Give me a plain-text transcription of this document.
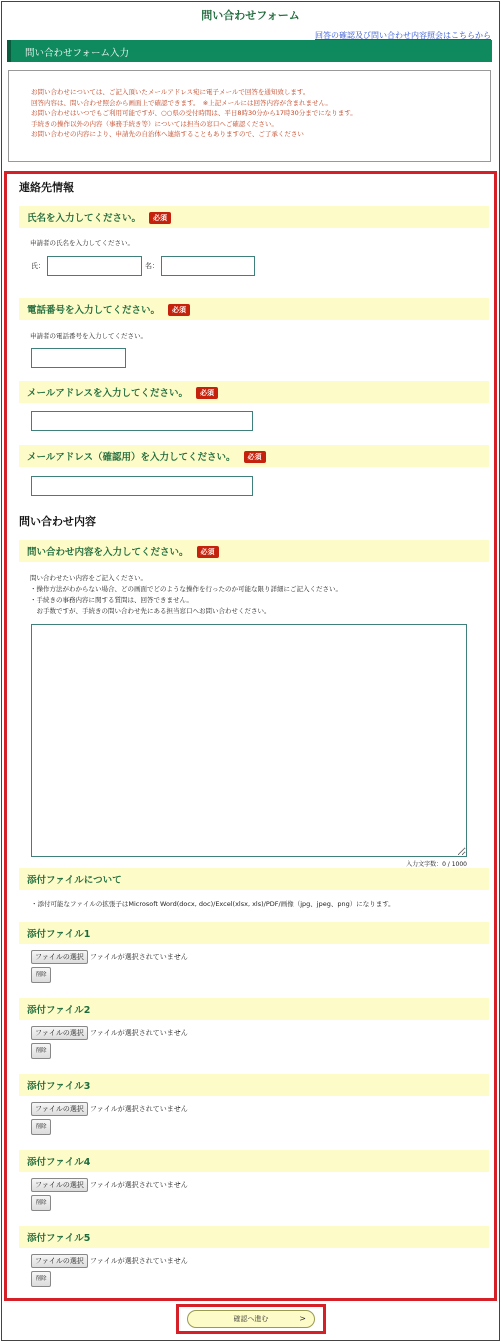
問い合わせフォーム
回答の確認及び問い合わせ内容照会はこちらから
問い合わせフォーム入力

お問い合わせについては、ご記入頂いたメールアドレス宛に電子メールで回答を通知致します。

回答内容は、問い合わせ照会から画面上で確認できます。　※上記メールには回答内容が含まれません。

お問い合わせはいつでもご利用可能ですが、○○県の受付時間は、平日8時30分から17時30分までになります。

手続きの操作以外の内容（事務手続き等）については担当の窓口へご確認ください。

お問い合わせの内容により、申請先の自治体へ連絡することもありますので、ご了承ください

連絡先情報
氏名を入力してください。 必須
申請者の氏名を入力してください。
氏：	名：
電話番号を入力してください。 必須
申請者の電話番号を入力してください。
メールアドレスを入力してください。 必須
メールアドレス（確認用）を入力してください。 必須
問い合わせ内容
問い合わせ内容を入力してください。 必須
問い合わせたい内容をご記入ください。
・操作方法がわからない場合、どの画面でどのような操作を行ったのか可能な限り詳細にご記入ください。
・手続きの事務内容に関する質問は、回答できません。
　お手数ですが、手続きの問い合わせ先にある担当窓口へお問い合わせください。
入力文字数：0 / 1000
添付ファイルについて
・添付可能なファイルの拡張子はMicrosoft Word(docx, doc)/Excel(xlsx, xls)/PDF/画像（jpg、jpeg、png）になります。
添付ファイル1
ファイルの選択 ファイルが選択されていません
削除
添付ファイル2
ファイルの選択 ファイルが選択されていません
削除
添付ファイル3
ファイルの選択 ファイルが選択されていません
削除
添付ファイル4
ファイルの選択 ファイルが選択されていません
削除
添付ファイル5
ファイルの選択 ファイルが選択されていません
削除
確認へ進む	>
